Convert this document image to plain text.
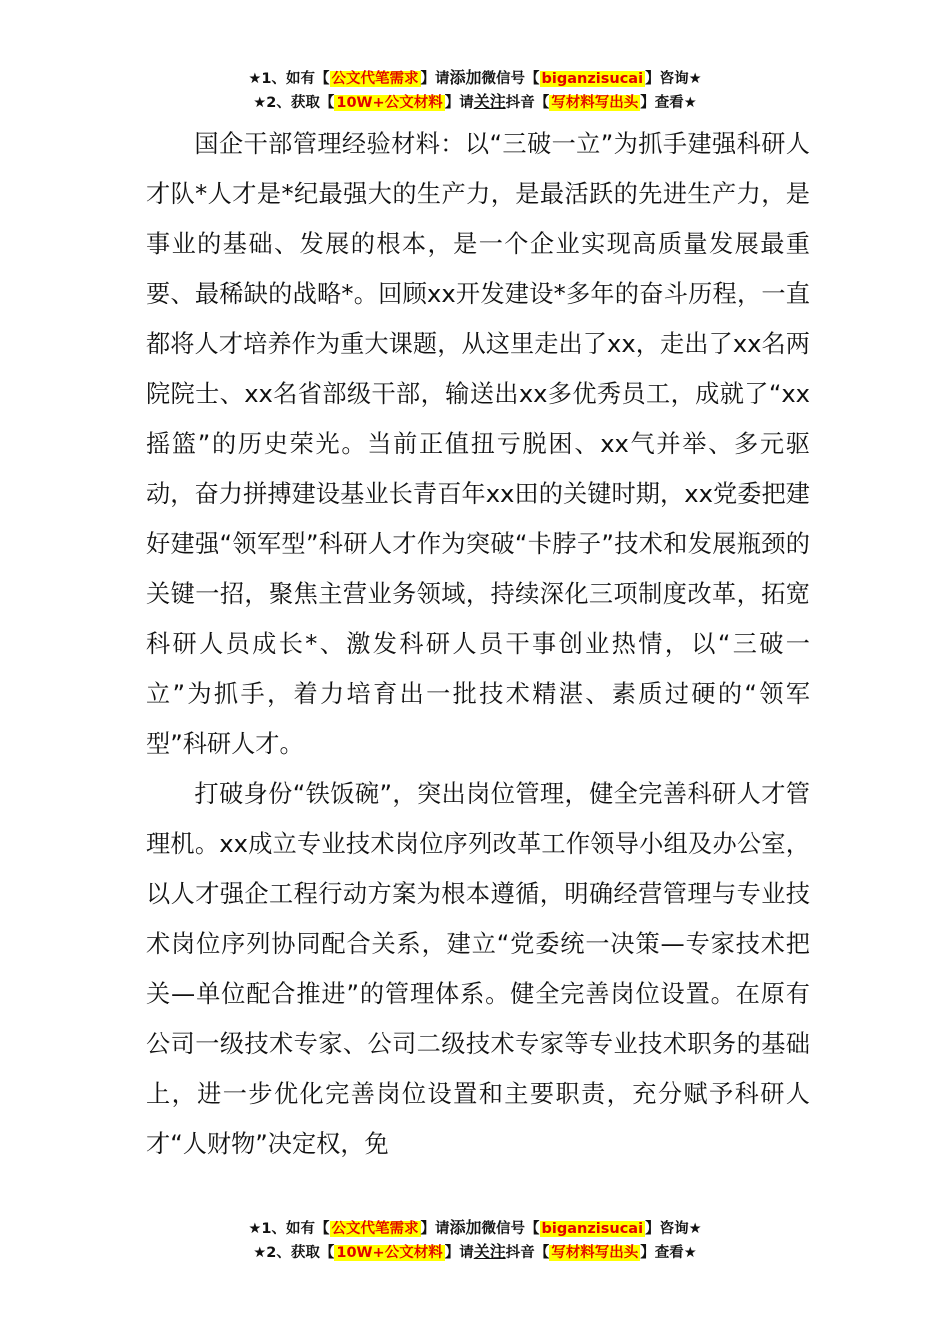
★1、如有【 公文代笔需求 】请添加微信号【 biganzisucai 】咨询★
★2、获取【 10W+公文材料 】请关注抖音【 写材料写出头 】查看★

国企干部管理经验材料：以“三破一立”为抓手建强科研人才队*人才是*纪最强大的生产力，是最活跃的先进生产力，是事业的基础、发展的根本，是一个企业实现高质量发展最重要、最稀缺的战略*。回顾xx开发建设*多年的奋斗历程，一直都将人才培养作为重大课题，从这里走出了xx，走出了xx名两院院士、xx名省部级干部，输送出xx多优秀员工，成就了“xx摇篮”的历史荣光。当前正值扭亏脱困、xx气并举、多元驱动，奋力拼搏建设基业长青百年xx田的关键时期，xx党委把建好建强“领军型”科研人才作为突破“卡脖子”技术和发展瓶颈的关键一招，聚焦主营业务领域，持续深化三项制度改革，拓宽科研人员成长*、激发科研人员干事创业热情，以“三破一立”为抓手，着力培育出一批技术精湛、素质过硬的“领军型”科研人才。

打破身份“铁饭碗”，突出岗位管理，健全完善科研人才管理机。xx成立专业技术岗位序列改革工作领导小组及办公室，以人才强企工程行动方案为根本遵循，明确经营管理与专业技术岗位序列协同配合关系，建立“党委统一决策—专家技术把关—单位配合推进”的管理体系。健全完善岗位设置。在原有公司一级技术专家、公司二级技术专家等专业技术职务的基础上，进一步优化完善岗位设置和主要职责，充分赋予科研人才“人财物”决定权，免

★1、如有【 公文代笔需求 】请添加微信号【 biganzisucai 】咨询★
★2、获取【 10W+公文材料 】请关注抖音【 写材料写出头 】查看★
